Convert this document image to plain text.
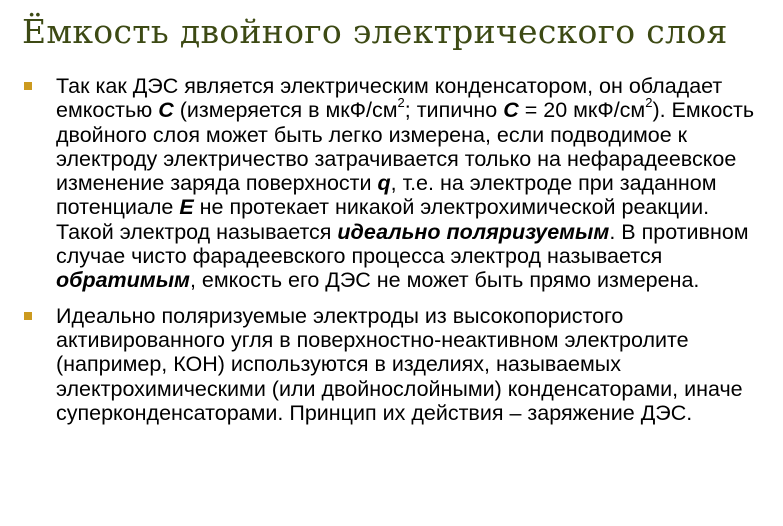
Ёмкость двойного электрического слоя
Так как ДЭС является электрическим конденсатором, он обладает емкостью C (измеряется в мкФ/$см^2$; типично C = 20 мкФ/$см^2$). Емкость двойного слоя может быть легко измерена, если подводимое к электроду электричество затрачивается только на нефарадеевское изменение заряда поверхности q, т.е. на электроде при заданном потенциале E не протекает никакой электрохимической реакции. Такой электрод называется идеально поляризуемым. В противном случае чисто фарадеевского процесса электрод называется обратимым, емкость его ДЭС не может быть прямо измерена.
Идеально поляризуемые электроды из высокопористого активированного угля в поверхностно-неактивном электролите (например, КОН) используются в изделиях, называемых электрохимическими (или двойнослойными) конденсаторами, иначе суперконденсаторами. Принцип их действия – заряжение ДЭС.
